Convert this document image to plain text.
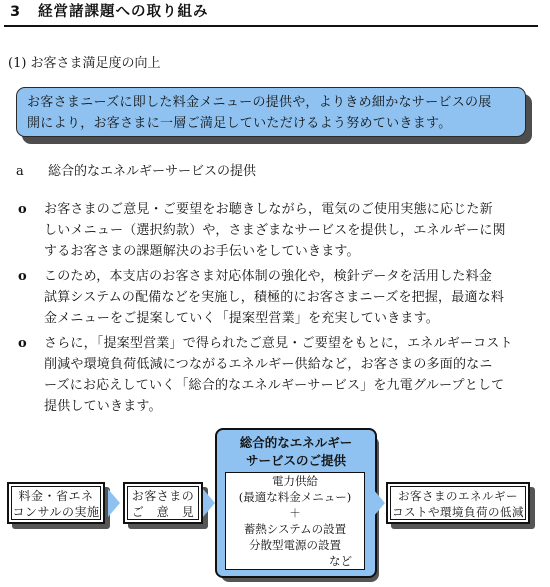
3 経営諸課題への取り組み
(1) お客さま満足度の向上
お客さまニーズに即した料金メニューの提供や，よりきめ細かなサービスの展
開により，お客さまに一層ご満足していただけるよう努めていきます。
a 総合的なエネルギーサービスの提供
o お客さまのご意見・ご要望をお聴きしながら，電気のご使用実態に応じた新
しいメニュー（選択約款）や，さまざまなサービスを提供し，エネルギーに関
するお客さまの課題解決のお手伝いをしていきます。
o このため，本支店のお客さま対応体制の強化や，検針データを活用した料金
試算システムの配備などを実施し，積極的にお客さまニーズを把握，最適な料
金メニューをご提案していく「提案型営業」を充実していきます。
o さらに，「提案型営業」で得られたご意見・ご要望をもとに，エネルギーコスト
削減や環境負荷低減につながるエネルギー供給など，お客さまの多面的なニ
ーズにお応えしていく「総合的なエネルギーサービス」を九電グループとして
提供していきます。
料金・省エネ
コンサルの実施
お客さまの
ご　意　見
総合的なエネルギー
サービスのご提供
電力供給
(最適な料金メニュー)
＋
蓄熱システムの設置
分散型電源の設置
など
お客さまのエネルギー
コストや環境負荷の低減
